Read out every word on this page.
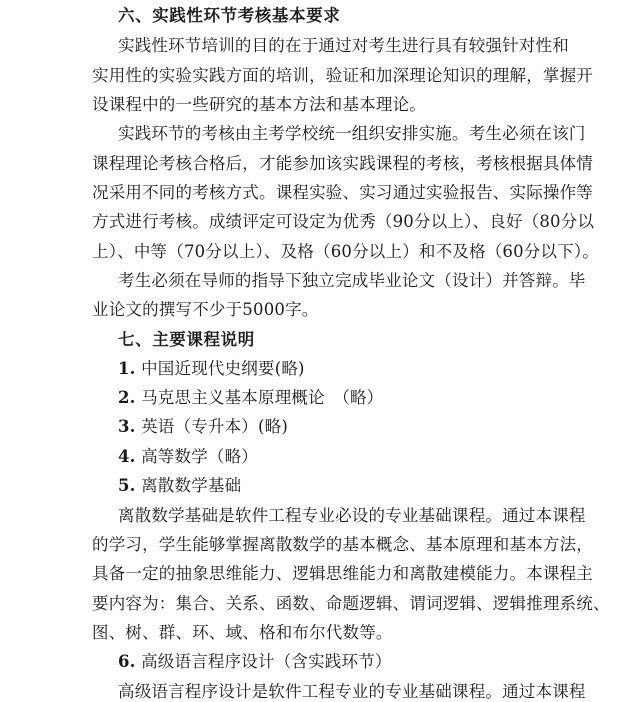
六、实践性环节考核基本要求
实践性环节培训的目的在于通过对考生进行具有较强针对性和
实用性的实验实践方面的培训，验证和加深理论知识的理解，掌握开
设课程中的一些研究的基本方法和基本理论。
实践环节的考核由主考学校统一组织安排实施。考生必须在该门
课程理论考核合格后，才能参加该实践课程的考核，考核根据具体情
况采用不同的考核方式。课程实验、实习通过实验报告、实际操作等
方式进行考核。成绩评定可设定为优秀（90分以上）、良好（80分以
上）、中等（70分以上）、及格（60分以上）和不及格（60分以下）。
考生必须在导师的指导下独立完成毕业论文（设计）并答辩。毕
业论文的撰写不少于5000字。
七、主要课程说明
1. 中国近现代史纲要(略)
2. 马克思主义基本原理概论　（略）
3. 英语（专升本）(略)
4. 高等数学（略）
5. 离散数学基础
离散数学基础是软件工程专业必设的专业基础课程。通过本课程
的学习，学生能够掌握离散数学的基本概念、基本原理和基本方法，
具备一定的抽象思维能力、逻辑思维能力和离散建模能力。本课程主
要内容为：集合、关系、函数、命题逻辑、谓词逻辑、逻辑推理系统、
图、树、群、环、域、格和布尔代数等。
6. 高级语言程序设计（含实践环节）
高级语言程序设计是软件工程专业的专业基础课程。通过本课程
